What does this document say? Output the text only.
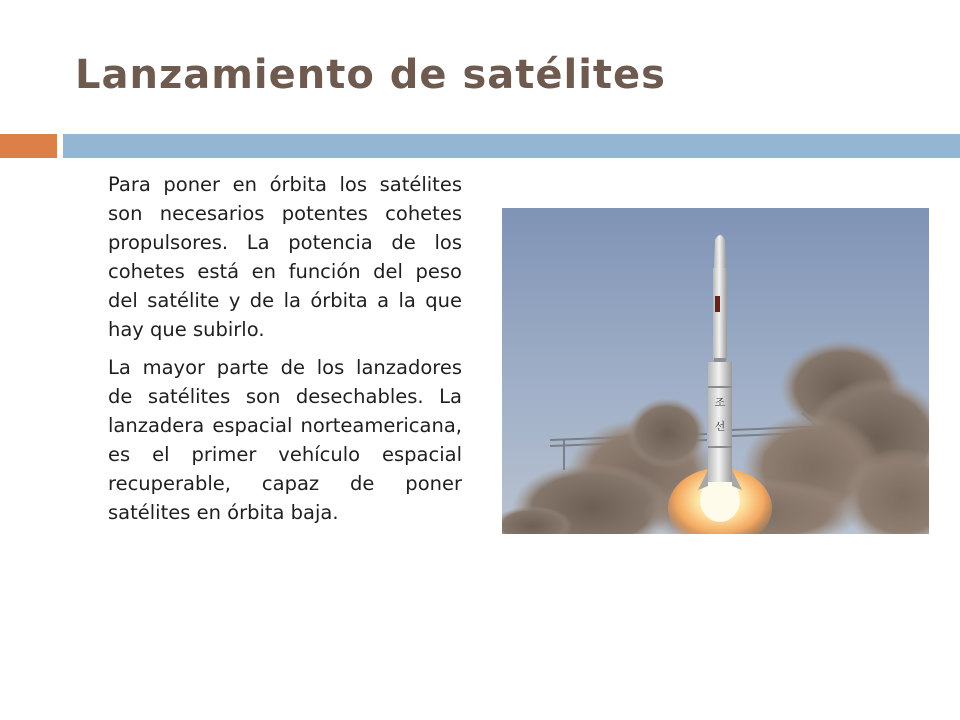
Lanzamiento de satélites

Para poner en órbita los satélites son necesarios potentes cohetes propulsores. La potencia de los cohetes está en función del peso del satélite y de la órbita a la que hay que subirlo.

La mayor parte de los lanzadores de satélites son desechables. La lanzadera espacial norteamericana, es el primer vehículo espacial recuperable, capaz de poner satélites en órbita baja.

조
선
